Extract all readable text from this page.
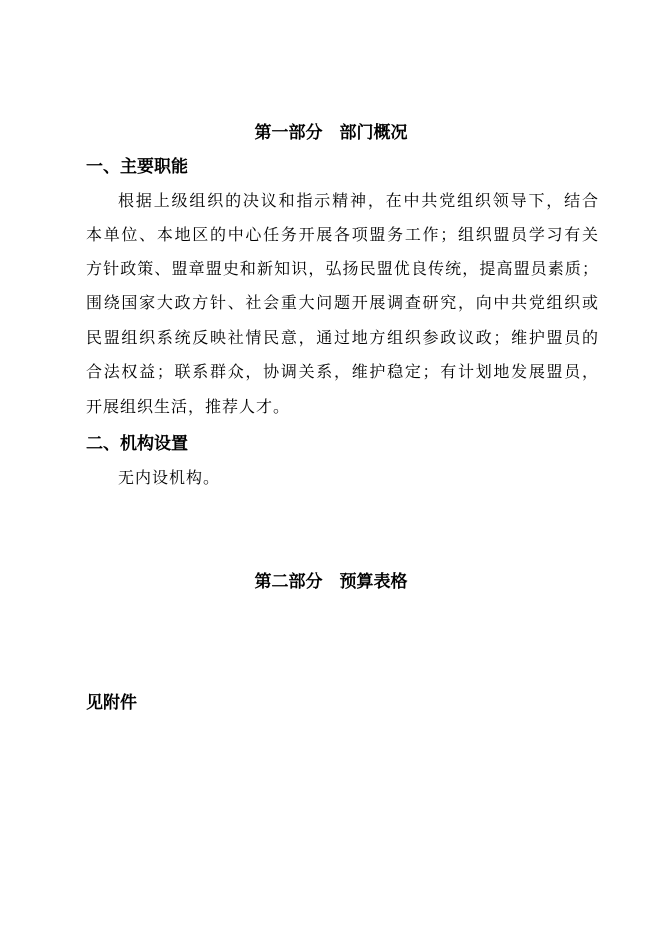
第一部分　部门概况
一、主要职能
根据上级组织的决议和指示精神，在中共党组织领导下，结合
本单位、本地区的中心任务开展各项盟务工作；组织盟员学习有关
方针政策、盟章盟史和新知识，弘扬民盟优良传统，提高盟员素质；
围绕国家大政方针、社会重大问题开展调查研究，向中共党组织或
民盟组织系统反映社情民意，通过地方组织参政议政；维护盟员的
合法权益；联系群众，协调关系，维护稳定；有计划地发展盟员，
开展组织生活，推荐人才。
二、机构设置
无内设机构。
第二部分　预算表格
见附件
